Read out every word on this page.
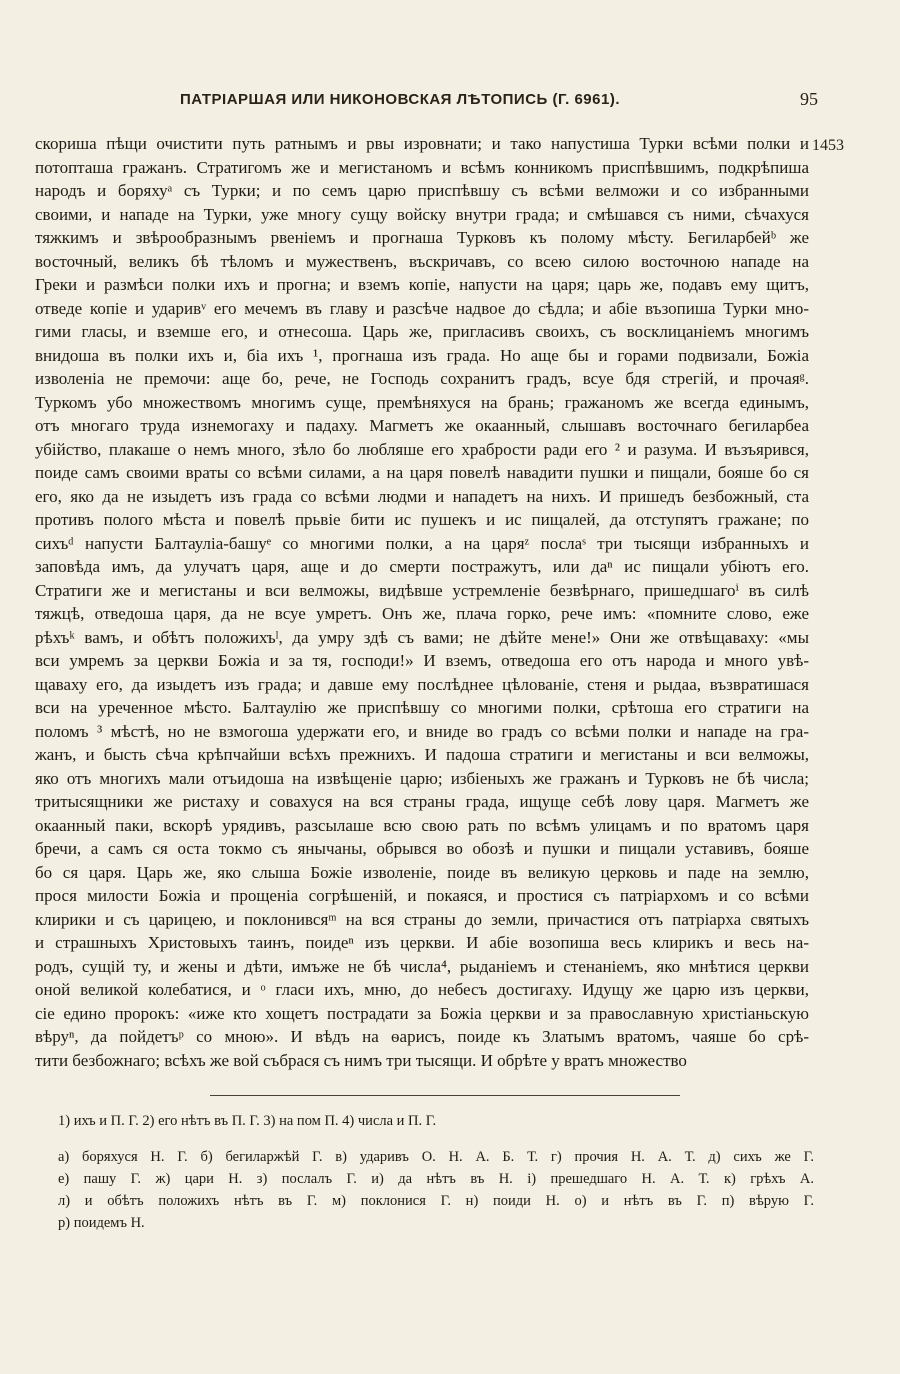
ПАТРІАРШАЯ ИЛИ НИКОНОВСКАЯ ЛѢТОПИСЬ (Г. 6961).	95
1453
скориша пѣщи очистити путь ратнымъ и рвы изровнати; и тако напустиша Турки всѣми полки и
потопташа гражанъ. Стратигомъ же и мегистаномъ и всѣмъ конникомъ приспѣвшимъ, подкрѣпиша
народъ и боряхуᵃ съ Турки; и по семъ царю приспѣвшу съ всѣми велможи и со избранными
своими, и нападе на Турки, уже многу сущу войску внутри града; и смѣшався съ ними, сѣчахуся
тяжкимъ и звѣрообразнымъ рвеніемъ и прогнаша Турковъ къ полому мѣсту. Бегиларбейᵇ же
восточный, великъ бѣ тѣломъ и мужественъ, въскричавъ, со всею силою восточною нападе на
Греки и размѣси полки ихъ и прогна; и вземъ копіе, напусти на царя; царь же, подавъ ему щитъ,
отведе копіе и ударивᵛ его мечемъ въ главу и разсѣче надвое до сѣдла; и абіе възопиша Турки мно-
гими гласы, и вземше его, и отнесоша. Царь же, пригласивъ своихъ, съ восклицаніемъ многимъ
внидоша въ полки ихъ и, біа ихъ ¹, прогнаша изъ града. Но аще бы и горами подвизали, Божіа
изволеніа не премочи: аще бо, рече, не Господь сохранитъ градъ, всуе бдя стрегій, и прочаяᵍ.
Туркомъ убо множествомъ многимъ суще, премѣняхуся на брань; гражаномъ же всегда единымъ,
отъ многаго труда изнемогаху и падаху. Магметъ же окаанный, слышавъ восточнаго бегиларбеа
убійство, плакаше о немъ много, зѣло бо любляше его храбрости ради его ² и разума. И възъярився,
поиде самъ своими враты со всѣми силами, а на царя повелѣ навадити пушки и пищали, бояше бо ся
его, яко да не изыдетъ изъ града со всѣми людми и нападетъ на нихъ. И пришедъ безбожный, ста
противъ полого мѣста и повелѣ прьвіе бити ис пушекъ и ис пищалей, да отступятъ гражане; по
сихъᵈ напусти Балтауліа-башуᵉ со многими полки, а на царяᶻ послаˢ три тысящи избранныхъ и
заповѣда имъ, да улучатъ царя, аще и до смерти постражутъ, или даⁿ ис пищали убіютъ его.
Стратиги же и мегистаны и вси велможы, видѣвше устремленіе безвѣрнаго, пришедшагоⁱ въ силѣ
тяжцѣ, отведоша царя, да не всуе умретъ. Онъ же, плача горко, рече имъ: «помните слово, еже
рѣхъᵏ вамъ, и обѣтъ положихъˡ, да умру здѣ съ вами; не дѣйте мене!» Они же отвѣщаваху: «мы
вси умремъ за церкви Божіа и за тя, господи!» И вземъ, отведоша его отъ народа и много увѣ-
щаваху его, да изыдетъ изъ града; и давше ему послѣднее цѣлованіе, стеня и рыдаа, възвратишася
вси на уреченное мѣсто. Балтаулію же приспѣвшу со многими полки, срѣтоша его стратиги на
поломъ ³ мѣстѣ, но не взмогоша удержати его, и вниде во градъ со всѣми полки и нападе на гра-
жанъ, и бысть сѣча крѣпчайши всѣхъ прежнихъ. И падоша стратиги и мегистаны и вси велможы,
яко отъ многихъ мали отъидоша на извѣщеніе царю; избіеныхъ же гражанъ и Турковъ не бѣ числа;
тритысящники же ристаху и совахуся на вся страны града, ищуще себѣ лову царя. Магметъ же
окаанный паки, вскорѣ урядивъ, разсылаше всю свою рать по всѣмъ улицамъ и по вратомъ царя
бречи, а самъ ся оста токмо съ янычаны, обрывся во обозѣ и пушки и пищали уставивъ, бояше
бо ся царя. Царь же, яко слыша Божіе изволеніе, поиде въ великую церковь и паде на землю,
прося милости Божіа и прощеніа согрѣшеній, и покаяся, и простися съ патріархомъ и со всѣми
клирики и съ царицею, и поклонивсяᵐ на вся страны до земли, причастися отъ патріарха святыхъ
и страшныхъ Христовыхъ таинъ, поидеⁿ изъ церкви. И абіе возопиша весь клирикъ и весь на-
родъ, сущій ту, и жены и дѣти, имъже не бѣ числа⁴, рыданіемъ и стенаніемъ, яко мнѣтися церкви
оной великой колебатися, и ᵒ гласи ихъ, мню, до небесъ достигаху. Идущу же царю изъ церкви,
сіе едино пророкъ: «иже кто хощетъ пострадати за Божіа церкви и за православную христіаньскую
вѣруⁿ, да пойдетъᵖ со мною». И вѣдъ на ѳарисъ, поиде къ Златымъ вратомъ, чаяше бо срѣ-
тити безбожнаго; всѣхъ же вой събрася съ нимъ три тысящи. И обрѣте у вратъ множество
1) ихъ и П. Г. 2) его нѣтъ въ П. Г. 3) на пом П. 4) числа и П. Г.
а) боряхуся Н. Г. б) бегиларжѣй Г. в) ударивъ О. Н. А. Б. Т. г) прочия Н. А. Т. д) сихъ же Г.
е) пашу Г. ж) цари Н. з) послалъ Г. и) да нѣтъ въ Н. і) прешедшаго Н. А. Т. к) грѣхъ А.
л) и обѣтъ положихъ нѣтъ въ Г. м) поклонися Г. н) поиди Н. о) и нѣтъ въ Г. п) вѣрую Г.
р) поидемъ Н.
